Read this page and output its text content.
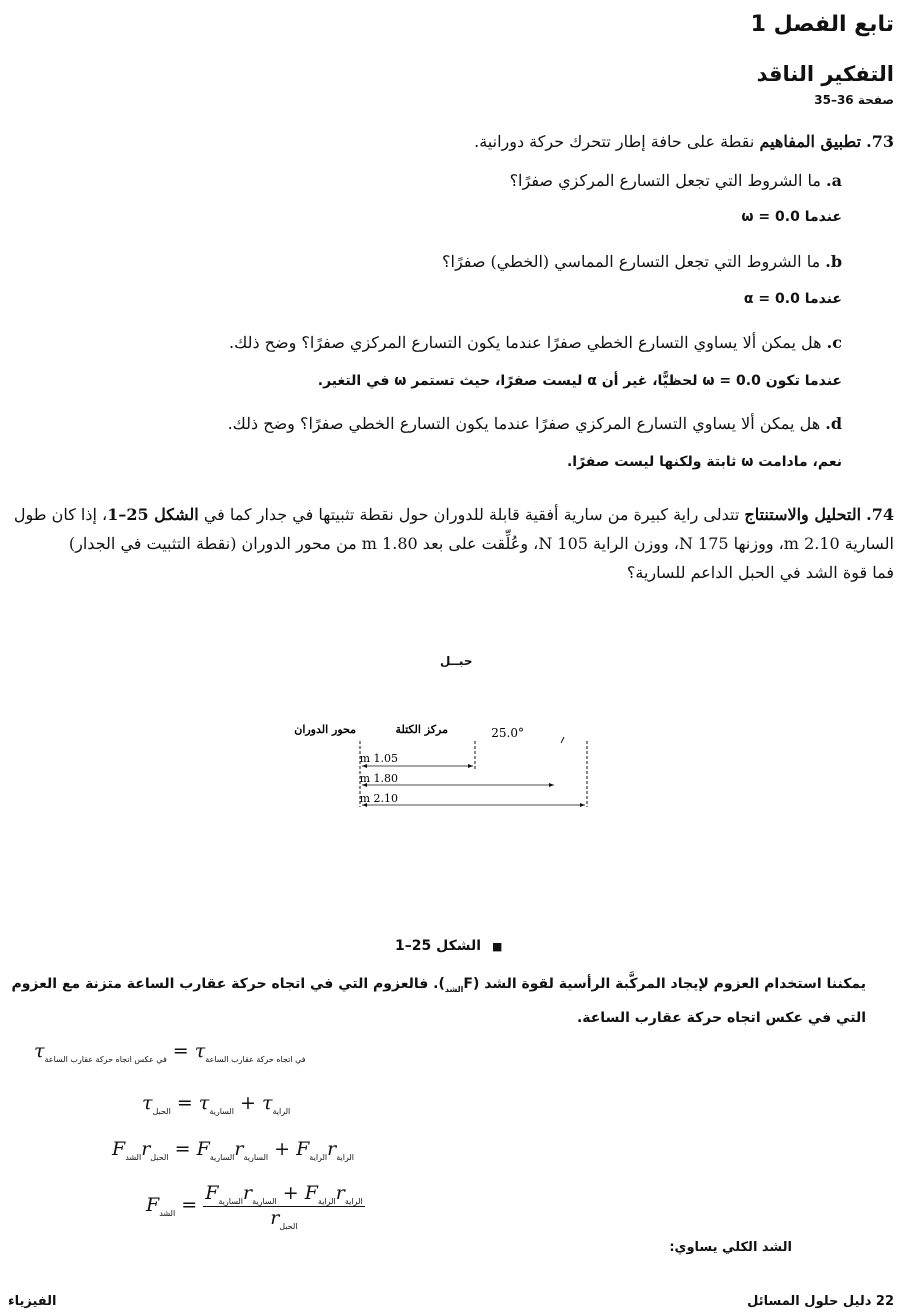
تابع الفصل 1
التفكير الناقد
صفحة 36–35
73. تطبيق المفاهيم نقطة على حافة إطار تتحرك حركة دورانية.
a. ما الشروط التي تجعل التسارع المركزي صفرًا؟
عندما ω = 0.0
b. ما الشروط التي تجعل التسارع المماسي (الخطي) صفرًا؟
عندما α = 0.0
c. هل يمكن ألا يساوي التسارع الخطي صفرًا عندما يكون التسارع المركزي صفرًا؟ وضح ذلك.
عندما تكون ω = 0.0 لحظيًّا، غير أن α ليست صفرًا، حيث تستمر ω في التغير.
d. هل يمكن ألا يساوي التسارع المركزي صفرًا عندما يكون التسارع الخطي صفرًا؟ وضح ذلك.
نعم، مادامت ω ثابتة ولكنها ليست صفرًا.
74. التحليل والاستنتاج تتدلى راية كبيرة من سارية أفقية قابلة للدوران حول نقطة تثبيتها في جدار كما في الشكل 25–1، إذا كان طول
السارية 2.10 m، ووزنها 175 N، ووزن الراية 105 N، وعُلِّقت على بعد 1.80 m من محور الدوران (نقطة التثبيت في الجدار)
فما قوة الشد في الحبل الداعم للسارية؟
حبــل
محور الدوران	مركز الكتلة	25.0°
1.05 m
1.80 m
2.10 m
■ الشكل 25–1
يمكننا استخدام العزوم لإيجاد المركَّبة الرأسية لقوة الشد $(F_{الشد})$. فالعزوم التي في اتجاه حركة عقارب الساعة متزنة مع العزوم
التي في عكس اتجاه حركة عقارب الساعة.
$\tau_{في عكس اتجاه حركة عقارب الساعة} = \tau_{في اتجاه حركة عقارب الساعة}$
$\tau_{الحبل} = \tau_{السارية} + \tau_{الراية}$
$F_{الشد}r_{الحبل} = F_{السارية}r_{السارية} + F_{الراية}r_{الراية}$
$F_{الشد}$ =
$F_{السارية}r_{السارية} + F_{الراية}r_{الراية}$
$r_{الحبل}$
الشد الكلي يساوي:
الفيزياء	22 دليل حلول المسائل
